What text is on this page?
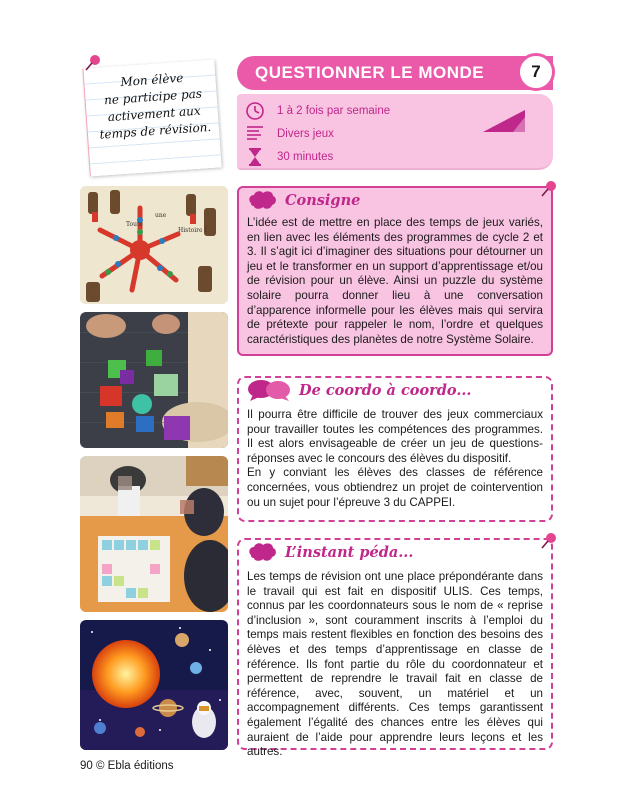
Mon élève
ne participe pas
activement aux
temps de révision.
QUESTIONNER LE MONDE	7
1 à 2 fois par semaine
Divers jeux
30 minutes
Toute
une
Histoire !
Consigne
L’idée est de mettre en place des temps de jeux variés, en lien avec les éléments des programmes de cycle 2 et 3. Il s’agit ici d’imaginer des situations pour détourner un jeu et le transformer en un support d’apprentissage et/ou de révision pour un élève. Ainsi un puzzle du système solaire pourra donner lieu à une conversation d’apparence informelle pour les élèves mais qui servira de prétexte pour rappeler le nom, l’ordre et quelques caractéristiques des planètes de notre Système Solaire.
De coordo à coordo...

Il pourra être difficile de trouver des jeux commerciaux pour travailler toutes les compétences des programmes. Il est alors envisageable de créer un jeu de questions-réponses avec le concours des élèves du dispositif.

En y conviant les élèves des classes de référence concernées, vous obtiendrez un projet de cointervention ou un sujet pour l’épreuve 3 du CAPPEI.

L’instant péda...
Les temps de révision ont une place prépondérante dans le travail qui est fait en dispositif ULIS. Ces temps, connus par les coordonnateurs sous le nom de « reprise d’inclusion », sont couramment inscrits à l’emploi du temps mais restent flexibles en fonction des besoins des élèves et des temps d’apprentissage en classe de référence. Ils font partie du rôle du coordonnateur et permettent de reprendre le travail fait en classe de référence, avec, souvent, un matériel et un accompagnement différents. Ces temps garantissent également l’égalité des chances entre les élèves qui auraient de l’aide pour apprendre leurs leçons et les autres.
90 © Ebla éditions
